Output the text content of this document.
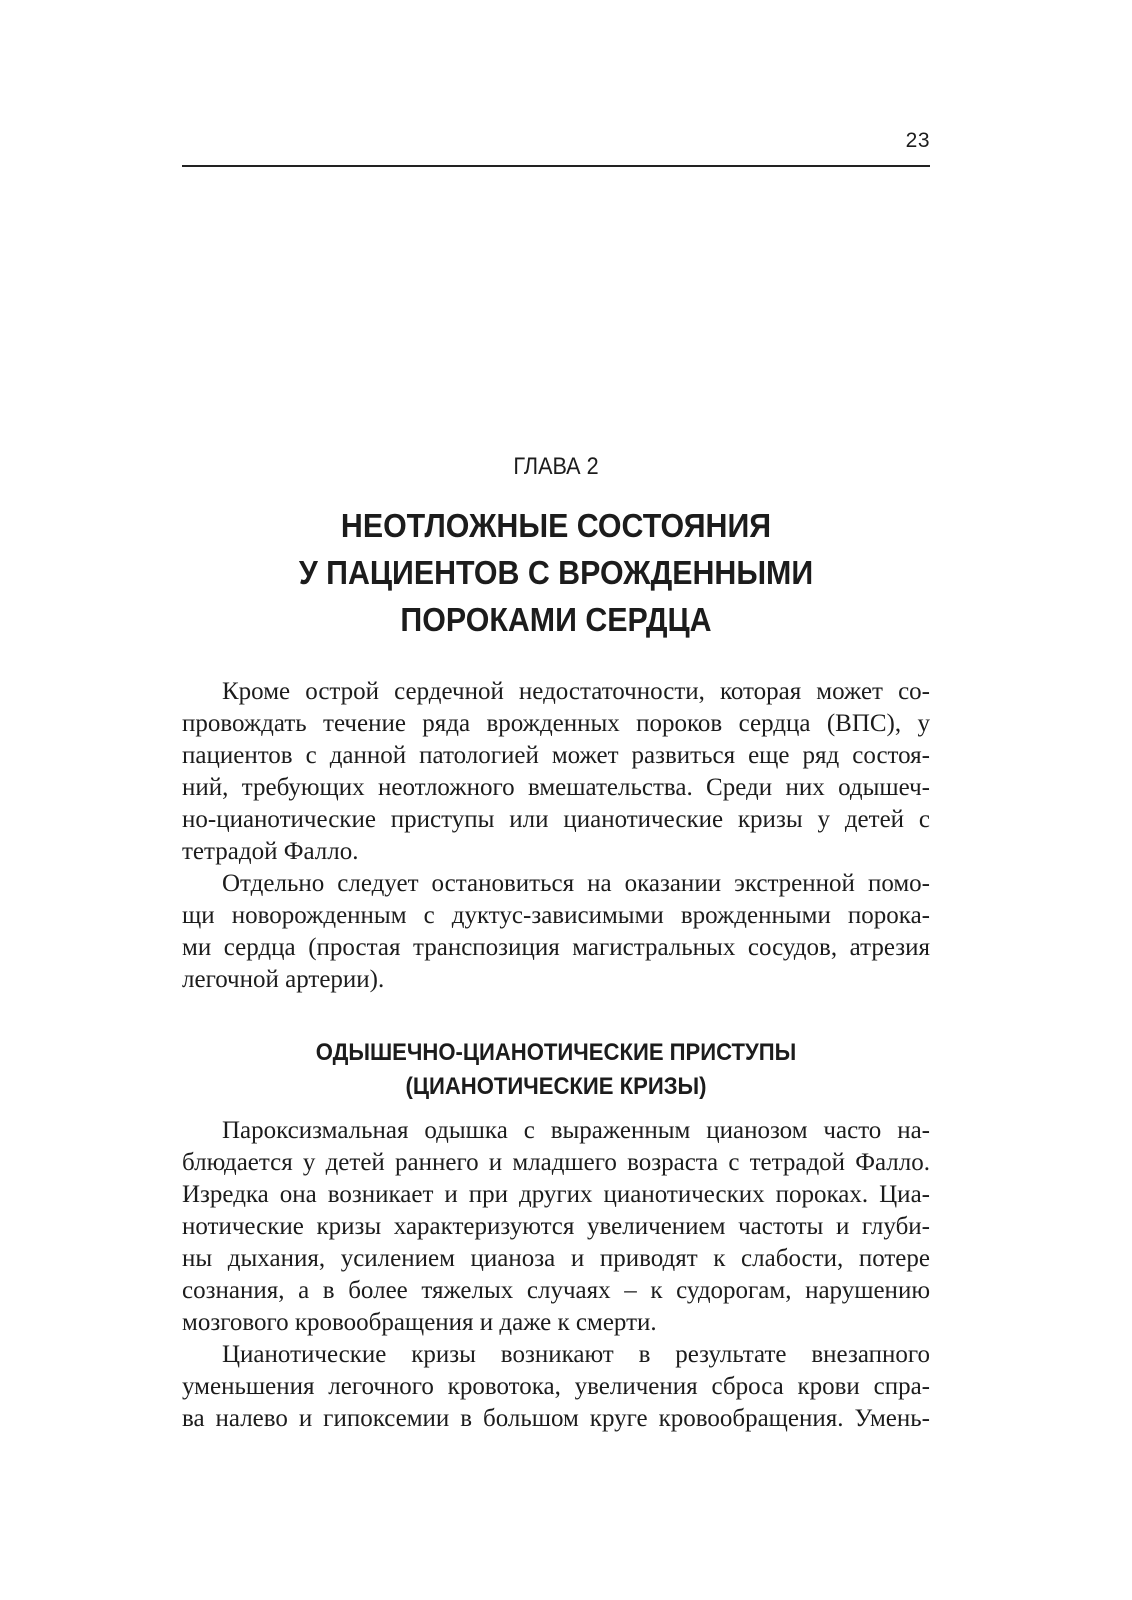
23
ГЛАВА 2
НЕОТЛОЖНЫЕ СОСТОЯНИЯ
У ПАЦИЕНТОВ С ВРОЖДЕННЫМИ
ПОРОКАМИ СЕРДЦА
Кроме острой сердечной недостаточности, которая может со-
провождать течение ряда врожденных пороков сердца (ВПС), у
пациентов с данной патологией может развиться еще ряд состоя-
ний, требующих неотложного вмешательства. Среди них одышеч-
но-цианотические приступы или цианотические кризы у детей с
тетрадой Фалло.
Отдельно следует остановиться на оказании экстренной помо-
щи новорожденным с дуктус-зависимыми врожденными порока-
ми сердца (простая транспозиция магистральных сосудов, атрезия
легочной артерии).
ОДЫШЕЧНО-ЦИАНОТИЧЕСКИЕ ПРИСТУПЫ
(ЦИАНОТИЧЕСКИЕ КРИЗЫ)
Пароксизмальная одышка с выраженным цианозом часто на-
блюдается у детей раннего и младшего возраста с тетрадой Фалло.
Изредка она возникает и при других цианотических пороках. Циа-
нотические кризы характеризуются увеличением частоты и глуби-
ны дыхания, усилением цианоза и приводят к слабости, потере
сознания, а в более тяжелых случаях – к судорогам, нарушению
мозгового кровообращения и даже к смерти.
Цианотические кризы возникают в результате внезапного
уменьшения легочного кровотока, увеличения сброса крови спра-
ва налево и гипоксемии в большом круге кровообращения. Умень-
